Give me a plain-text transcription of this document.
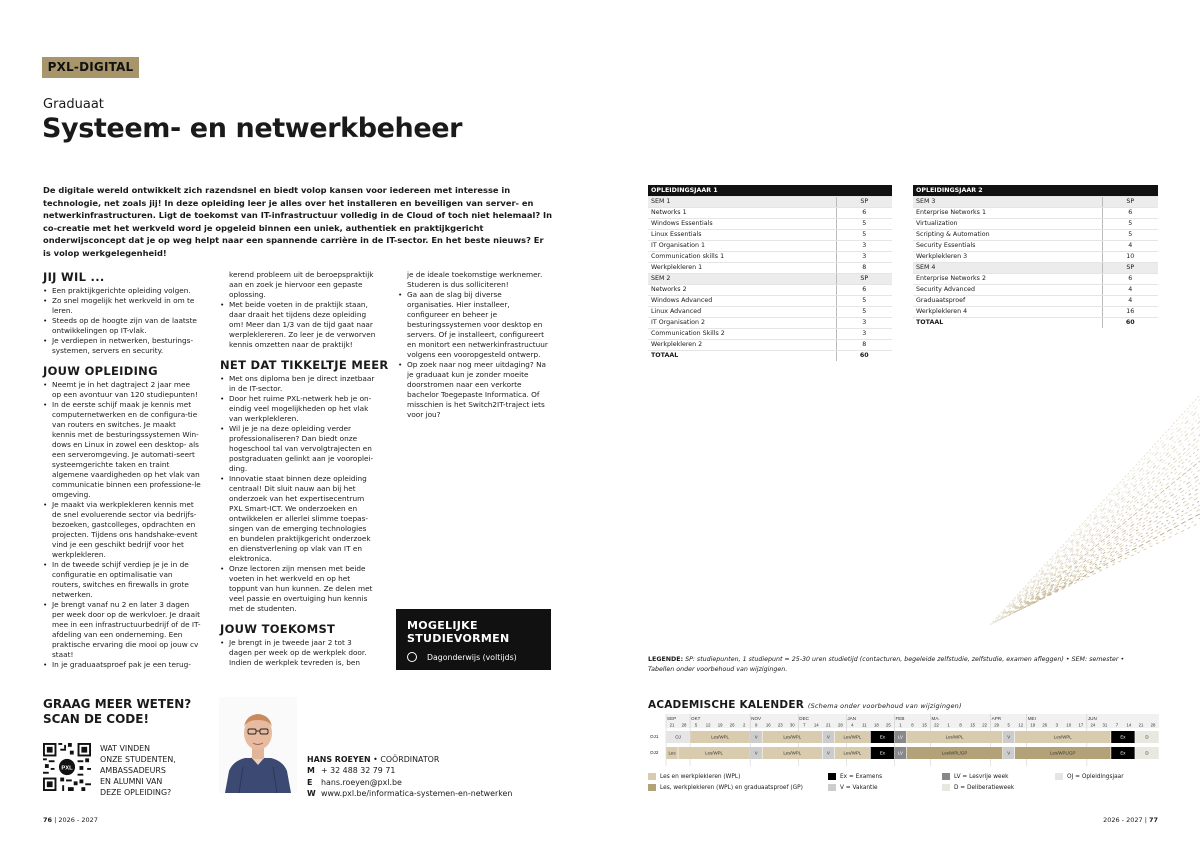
PXL-DIGITAL
Graduaat
Systeem- en netwerkbeheer

De digitale wereld ontwikkelt zich razendsnel en biedt volop kansen voor iedereen met interesse in technologie, net zoals jij! In deze opleiding leer je alles over het installeren en beveiligen van server- en netwerkinfrastructuren. Ligt de toekomst van IT-infrastructuur volledig in de Cloud of toch niet helemaal? In co-creatie met het werkveld word je opgeleid binnen een uniek, authentiek en praktijkgericht onderwijsconcept dat je op weg helpt naar een spannende carrière in de IT-sector. En het beste nieuws? Er is volop werkgelegenheid!

JIJ WIL ...
• Een praktijkgerichte opleiding volgen.
• Zo snel mogelijk het werkveld in om te leren.
• Steeds op de hoogte zijn van de laatste ontwikkelingen op IT-vlak.
• Je verdiepen in netwerken, besturings-systemen, servers en security.
JOUW OPLEIDING
• Neemt je in het dagtraject 2 jaar mee op een avontuur van 120 studiepunten!
• In de eerste schijf maak je kennis met computernetwerken en de configura-tie van routers en switches. Je maakt kennis met de besturingssystemen Win-dows en Linux in zowel een desktop- als een serveromgeving. Je automati-seert systeemgerichte taken en traint algemene vaardigheden op het vlak van communicatie binnen een professione-le omgeving.
• Je maakt via werkplekleren kennis met de snel evoluerende sector via bedrijfs-bezoeken, gastcolleges, opdrachten en projecten. Tijdens ons handshake-event vind je een geschikt bedrijf voor het werkplekleren.
• In de tweede schijf verdiep je je in de configuratie en optimalisatie van routers, switches en firewalls in grote netwerken.
• Je brengt vanaf nu 2 en later 3 dagen per week door op de werkvloer. Je draait mee in een infrastructuurbedrijf of de IT-afdeling van een onderneming. Een praktische ervaring die mooi op jouw cv staat!
• In je graduaatsproef pak je een terug-

kerend probleem uit de beroepspraktijk aan en zoek je hiervoor een gepaste oplossing.

• Met beide voeten in de praktijk staan, daar draait het tijdens deze opleiding om! Meer dan 1/3 van de tijd gaat naar werpleklereren. Zo leer je de verworven kennis omzetten naar de praktijk!
NET DAT TIKKELTJE MEER
• Met ons diploma ben je direct inzetbaar in de IT-sector.
• Door het ruime PXL-netwerk heb je on-eindig veel mogelijkheden op het vlak van werkplekleren.
• Wil je je na deze opleiding verder professionaliseren? Dan biedt onze hogeschool tal van vervolgtrajecten en postgraduaten gelinkt aan je vooroplei-ding.
• Innovatie staat binnen deze opleiding centraal! Dit sluit nauw aan bij het onderzoek van het expertisecentrum PXL Smart-ICT. We onderzoeken en ontwikkelen er allerlei slimme toepas-singen van de emerging technologies en bundelen praktijkgericht onderzoek en dienstverlening op vlak van IT en elektronica.
• Onze lectoren zijn mensen met beide voeten in het werkveld en op het toppunt van hun kunnen. Ze delen met veel passie en overtuiging hun kennis met de studenten.
JOUW TOEKOMST
• Je brengt in je tweede jaar 2 tot 3 dagen per week op de werkplek door. Indien de werkplek tevreden is, ben

je de ideale toekomstige werknemer. Studeren is dus solliciteren!

• Ga aan de slag bij diverse organisaties. Hier installeer, configureer en beheer je besturingssystemen voor desktop en servers. Of je installeert, configureert en monitort een netwerkinfrastructuur volgens een vooropgesteld ontwerp.
• Op zoek naar nog meer uitdaging? Na je graduaat kun je zonder moeite doorstromen naar een verkorte bachelor Toegepaste Informatica. Of misschien is het Switch2IT-traject iets voor jou?
MOGELIJKE
STUDIEVORMEN
Dagonderwijs (voltijds)
GRAAG MEER WETEN?
SCAN DE CODE!
PXL
WAT VINDEN
ONZE STUDENTEN,
AMBASSADEURS
EN ALUMNI VAN
DEZE OPLEIDING?
HANS ROEYEN • COÖRDINATOR
M + 32 488 32 79 71
E hans.roeyen@pxl.be
W www.pxl.be/informatica-systemen-en-netwerken
76 | 2026 - 2027	2026 - 2027 | 77
OPLEIDINGSJAAR 1	
SEM 1	SP
Networks 1	6
Windows Essentials	5
Linux Essentials	5
IT Organisation 1	3
Communication skills 1	3
Werkplekleren 1	8
SEM 2	SP
Networks 2	6
Windows Advanced	5
Linux Advanced	5
IT Organisation 2	3
Communication Skills 2	3
Werkplekleren 2	8
TOTAAL	60
OPLEIDINGSJAAR 2	
SEM 3	SP
Enterprise Networks 1	6
Virtualization	5
Scripting & Automation	5
Security Essentials	4
Werkplekleren 3	10
SEM 4	SP
Enterprise Networks 2	6
Security Advanced	4
Graduaatsproef	4
Werkplekleren 4	16
TOTAAL	60
LEGENDE: SP: studiepunten, 1 studiepunt = 25-30 uren studietijd (contacturen, begeleide zelfstudie, zelfstudie, examen afleggen) • SEM: semester • Tabellen onder voorbehoud van wijzigingen.
ACADEMISCHE KALENDER (Schema onder voorbehoud van wijzigingen)
SEP	OKT	NOV	DEC	JAN	FEB	MA.	APR	MEI	JUN
21 28 5 12 19 26 2 9 16 23 30 7 14 21 28 4 11 18 25 1 8 15 22 1 8 15 22 29 5 12 19 26 3 10 17 24 31 7 14 21 28
OJ1	OJ	Les/WPL	V	Les/WPL	V	Les/WPL	Ex	LV	Les/WPL	V	Les/WPL	Ex	D
OJ2 Les	Les/WPL	V	Les/WPL	V	Les/WPL	Ex	LV	Les/WPL/GP	V	Les/WPL/GP	Ex	D
Les en werkplekleren (WPL)
Les, werkplekleren (WPL) en graduaatsproef (GP)
Ex = Examens
V = Vakantie
LV = Lesvrije week
D = Deliberatieweek
OJ = Opleidingsjaar
